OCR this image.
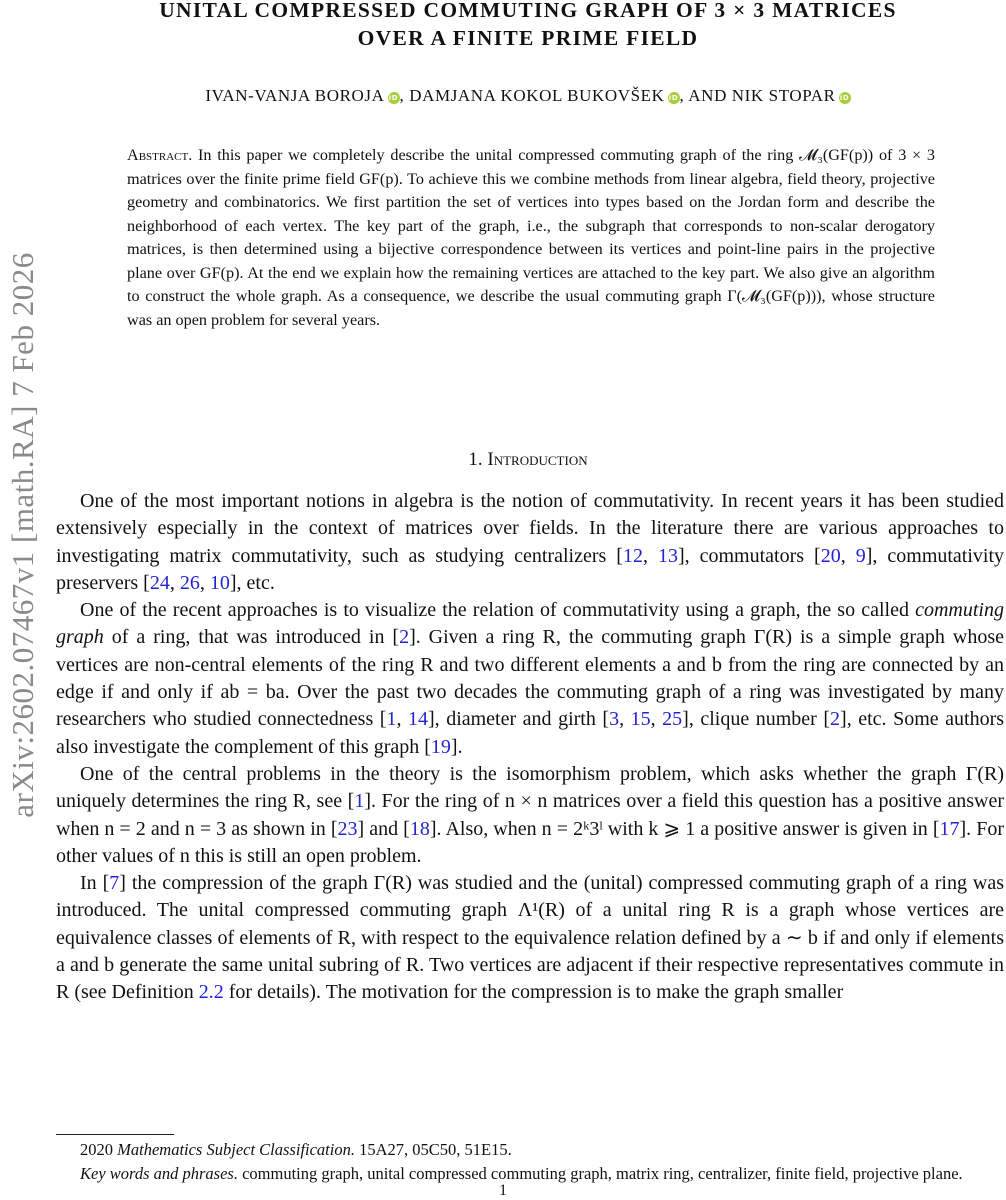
arXiv:2602.07467v1 [math.RA] 7 Feb 2026
UNITAL COMPRESSED COMMUTING GRAPH OF 3 × 3 MATRICES
OVER A FINITE PRIME FIELD
IVAN-VANJA BOROJA iD, DAMJANA KOKOL BUKOVŠEK iD, AND NIK STOPAR iD
Abstract. In this paper we completely describe the unital compressed commuting graph of the ring 𝓜₃(GF(p)) of 3 × 3 matrices over the finite prime field GF(p). To achieve this we combine methods from linear algebra, field theory, projective geometry and combinatorics. We first partition the set of vertices into types based on the Jordan form and describe the neighborhood of each vertex. The key part of the graph, i.e., the subgraph that corresponds to non-scalar derogatory matrices, is then determined using a bijective correspondence between its vertices and point-line pairs in the projective plane over GF(p). At the end we explain how the remaining vertices are attached to the key part. We also give an algorithm to construct the whole graph. As a consequence, we describe the usual commuting graph Γ(𝓜₃(GF(p))), whose structure was an open problem for several years.
1. Introduction

One of the most important notions in algebra is the notion of commutativity. In recent years it has been studied extensively especially in the context of matrices over fields. In the literature there are various approaches to investigating matrix commutativity, such as studying centralizers [12, 13], commutators [20, 9], commutativity preservers [24, 26, 10], etc.

One of the recent approaches is to visualize the relation of commutativity using a graph, the so called commuting graph of a ring, that was introduced in [2]. Given a ring R, the commuting graph Γ(R) is a simple graph whose vertices are non-central elements of the ring R and two different elements a and b from the ring are connected by an edge if and only if ab = ba. Over the past two decades the commuting graph of a ring was investigated by many researchers who studied connectedness [1, 14], diameter and girth [3, 15, 25], clique number [2], etc. Some authors also investigate the complement of this graph [19].

One of the central problems in the theory is the isomorphism problem, which asks whether the graph Γ(R) uniquely determines the ring R, see [1]. For the ring of n × n matrices over a field this question has a positive answer when n = 2 and n = 3 as shown in [23] and [18]. Also, when n = 2ᵏ3ˡ with k ⩾ 1 a positive answer is given in [17]. For other values of n this is still an open problem.

In [7] the compression of the graph Γ(R) was studied and the (unital) compressed commuting graph of a ring was introduced. The unital compressed commuting graph Λ¹(R) of a unital ring R is a graph whose vertices are equivalence classes of elements of R, with respect to the equivalence relation defined by a ∼ b if and only if elements a and b generate the same unital subring of R. Two vertices are adjacent if their respective representatives commute in R (see Definition 2.2 for details). The motivation for the compression is to make the graph smaller

2020 Mathematics Subject Classification. 15A27, 05C50, 51E15.

Key words and phrases. commuting graph, unital compressed commuting graph, matrix ring, centralizer, finite field, projective plane.

1
